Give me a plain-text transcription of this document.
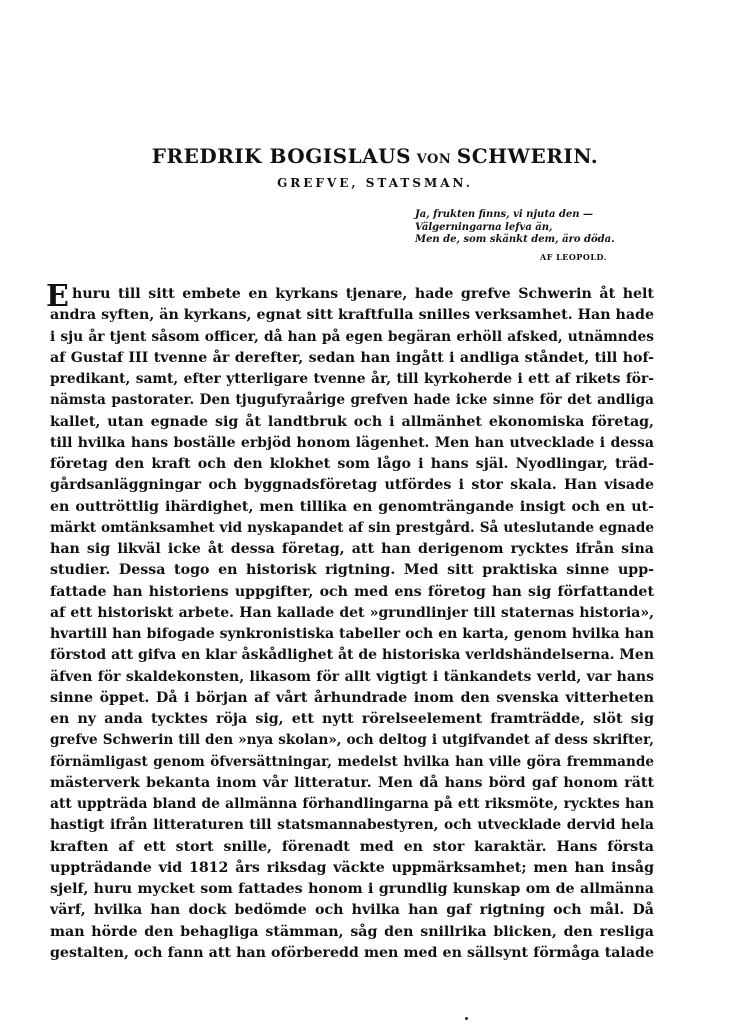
FREDRIK BOGISLAUS VON SCHWERIN.
GREFVE, STATSMAN.
Ja, frukten finns, vi njuta den —
Välgerningarna lefva än,
Men de, som skänkt dem, äro döda.
AF LEOPOLD.
E huru till sitt embete en kyrkans tjenare, hade grefve Schwerin åt helt
andra syften, än kyrkans, egnat sitt kraftfulla snilles verksamhet. Han hade
i sju år tjent såsom officer, då han på egen begäran erhöll afsked, utnämndes
af Gustaf III tvenne år derefter, sedan han ingått i andliga ståndet, till hof-
predikant, samt, efter ytterligare tvenne år, till kyrkoherde i ett af rikets för-
nämsta pastorater. Den tjugufyraårige grefven hade icke sinne för det andliga
kallet, utan egnade sig åt landtbruk och i allmänhet ekonomiska företag,
till hvilka hans boställe erbjöd honom lägenhet. Men han utvecklade i dessa
företag den kraft och den klokhet som lågo i hans själ. Nyodlingar, träd-
gårdsanläggningar och byggnadsföretag utfördes i stor skala. Han visade
en outtröttlig ihärdighet, men tillika en genomträngande insigt och en ut-
märkt omtänksamhet vid nyskapandet af sin prestgård. Så uteslutande egnade
han sig likväl icke åt dessa företag, att han derigenom rycktes ifrån sina
studier. Dessa togo en historisk rigtning. Med sitt praktiska sinne upp-
fattade han historiens uppgifter, och med ens företog han sig författandet
af ett historiskt arbete. Han kallade det »grundlinjer till staternas historia»,
hvartill han bifogade synkronistiska tabeller och en karta, genom hvilka han
förstod att gifva en klar åskådlighet åt de historiska verldshändelserna. Men
äfven för skaldekonsten, likasom för allt vigtigt i tänkandets verld, var hans
sinne öppet. Då i början af vårt århundrade inom den svenska vitterheten
en ny anda tycktes röja sig, ett nytt rörelseelement framträdde, slöt sig
grefve Schwerin till den »nya skolan», och deltog i utgifvandet af dess skrifter,
förnämligast genom öfversättningar, medelst hvilka han ville göra fremmande
mästerverk bekanta inom vår litteratur. Men då hans börd gaf honom rätt
att uppträda bland de allmänna förhandlingarna på ett riksmöte, rycktes han
hastigt ifrån litteraturen till statsmannabestyren, och utvecklade dervid hela
kraften af ett stort snille, förenadt med en stor karaktär. Hans första
uppträdande vid 1812 års riksdag väckte uppmärksamhet; men han insåg
sjelf, huru mycket som fattades honom i grundlig kunskap om de allmänna
värf, hvilka han dock bedömde och hvilka han gaf rigtning och mål. Då
man hörde den behagliga stämman, såg den snillrika blicken, den resliga
gestalten, och fann att han oförberedd men med en sällsynt förmåga talade
